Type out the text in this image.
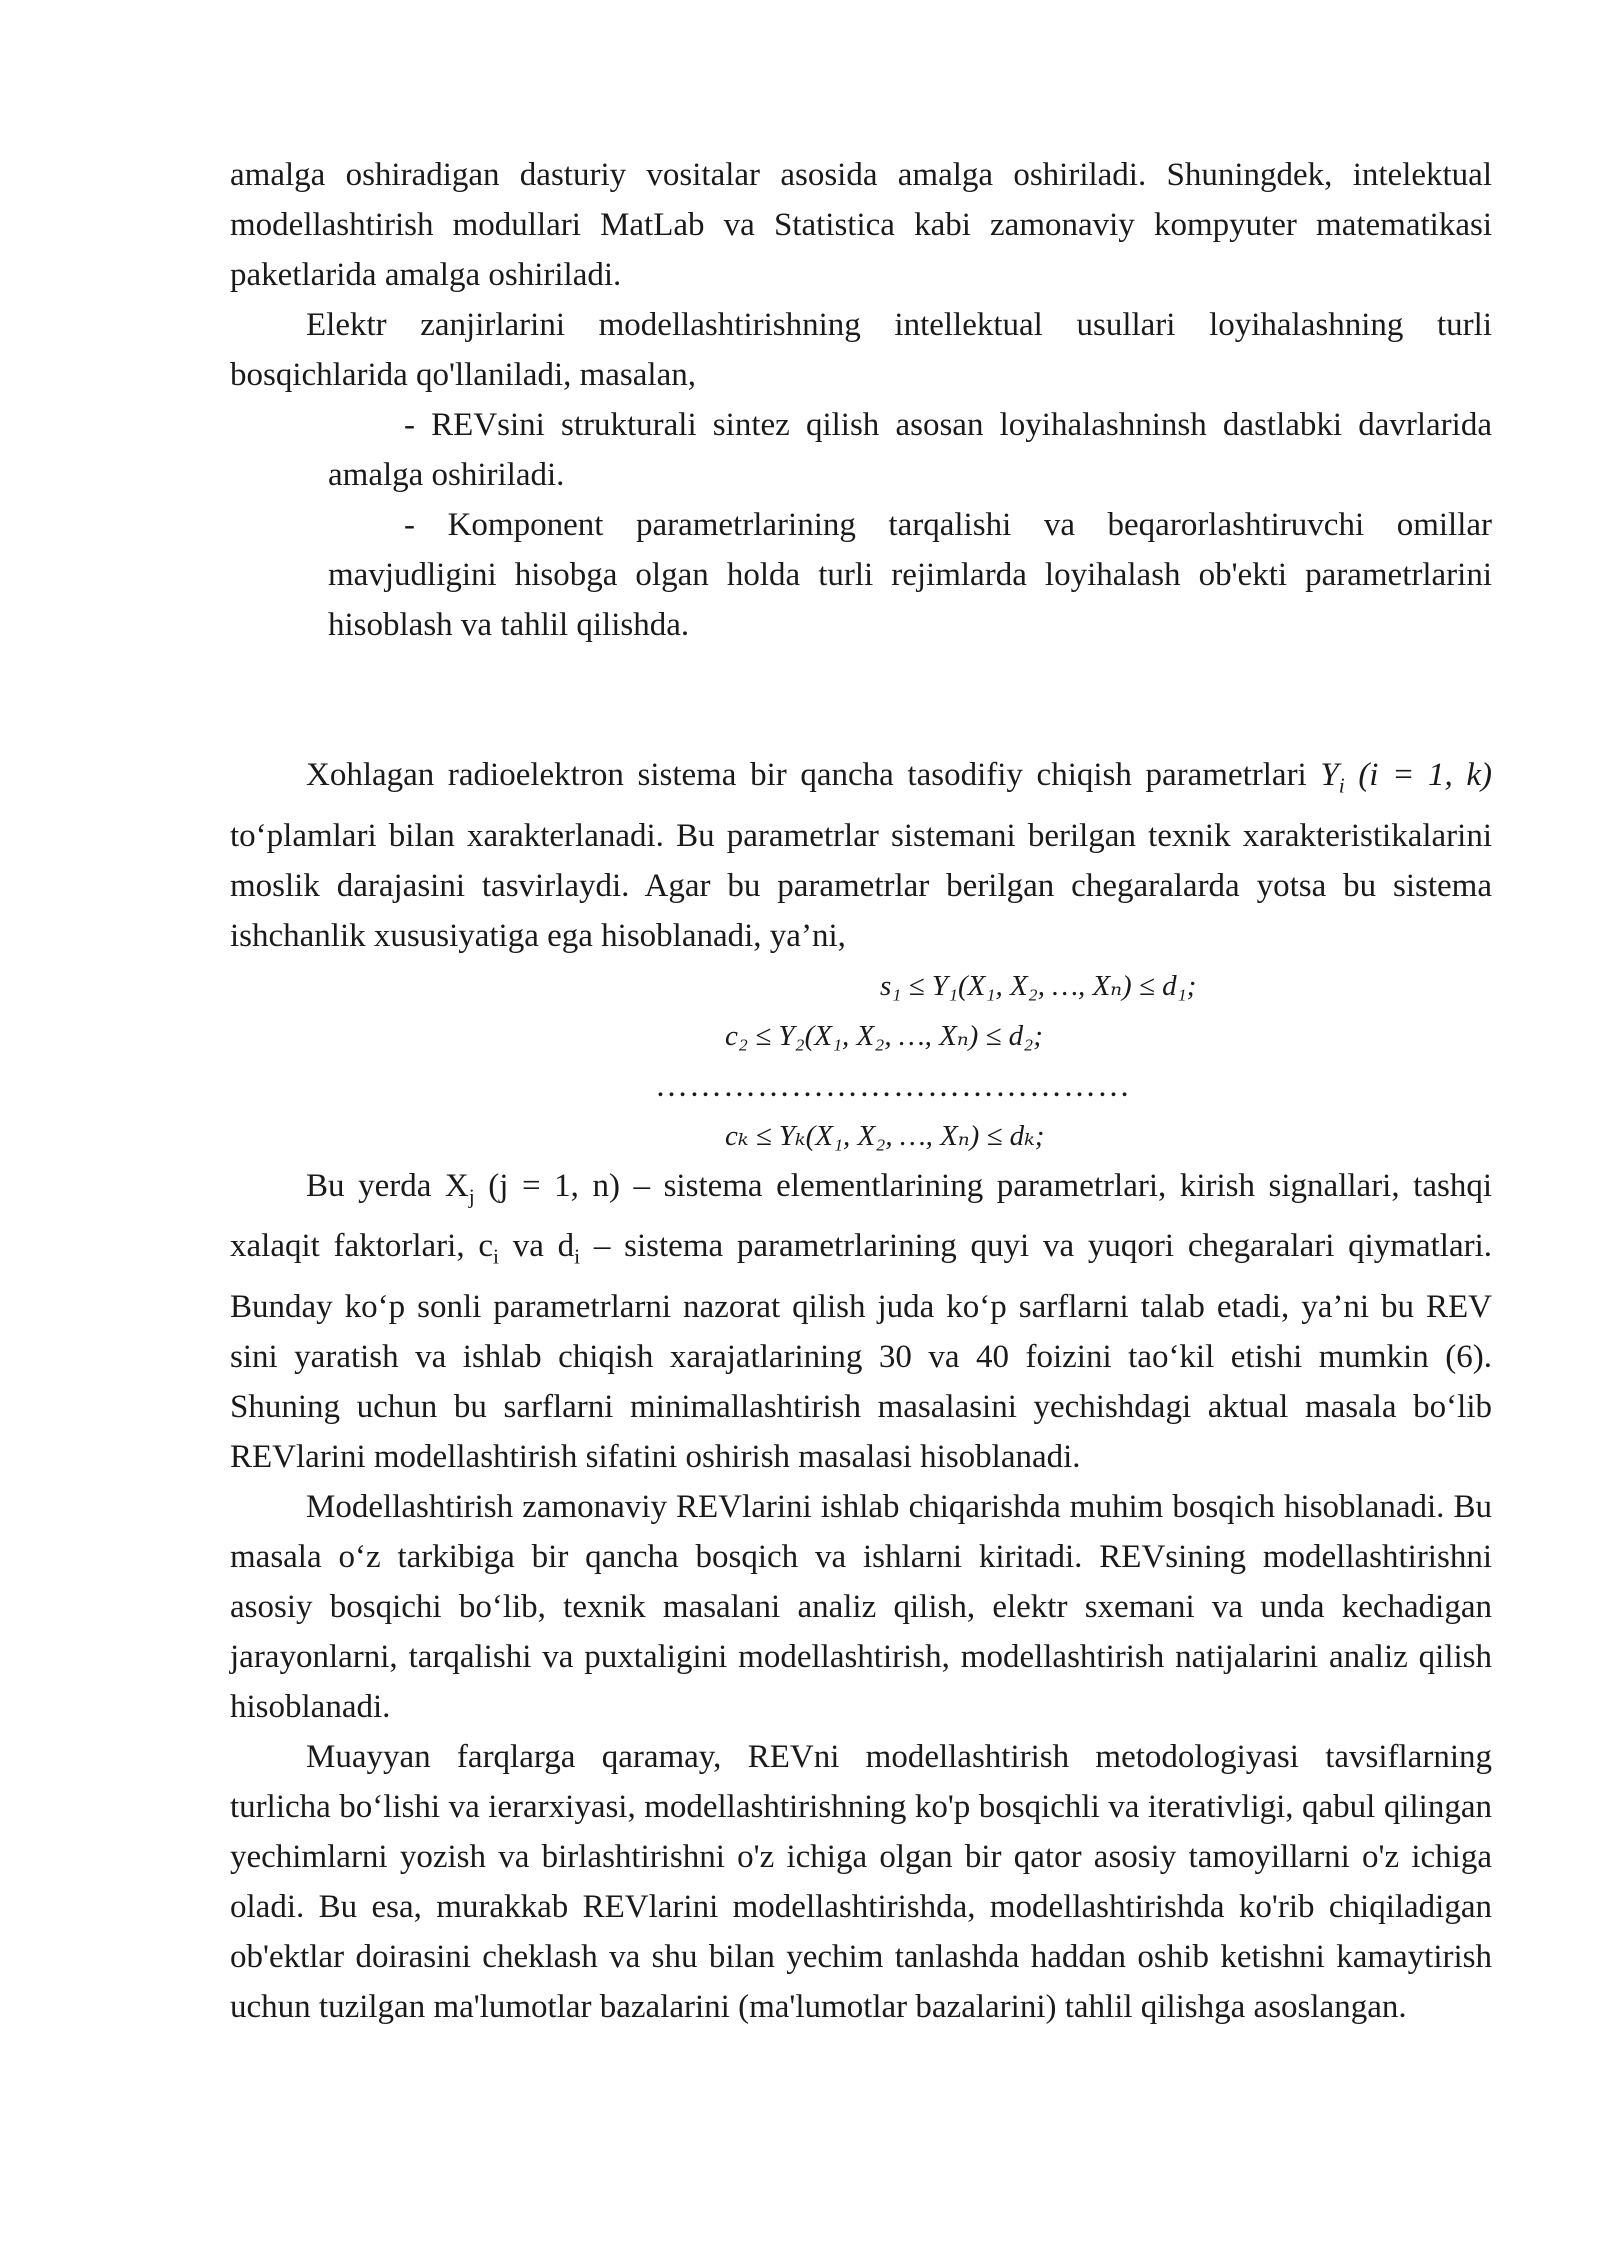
amalga oshiradigan dasturiy vositalar asosida amalga oshiriladi. Shuningdek, intelektual modellashtirish modullari MatLab va Statistica kabi zamonaviy kompyuter matematikasi paketlarida amalga oshiriladi.

Elektr zanjirlarini modellashtirishning intellektual usullari loyihalashning turli bosqichlarida qo'llaniladi, masalan,

- REVsini strukturali sintez qilish asosan loyihalashninsh dastlabki davrlarida amalga oshiriladi.

- Komponent parametrlarining tarqalishi va beqarorlashtiruvchi omillar mavjudligini hisobga olgan holda turli rejimlarda loyihalash ob'ekti parametrlarini hisoblash va tahlil qilishda.

Xohlagan radioelektron sistema bir qancha tasodifiy chiqish parametrlari $Y_i$ (i = 1, k) to‘plamlari bilan xarakterlanadi. Bu parametrlar sistemani berilgan texnik xarakteristikalarini moslik darajasini tasvirlaydi. Agar bu parametrlar berilgan chegaralarda yotsa bu sistema ishchanlik xususiyatiga ega hisoblanadi, ya’ni,

s₁ ≤ Y₁(X₁, X₂, …, Xₙ) ≤ d₁;
c₂ ≤ Y₂(X₁, X₂, …, Xₙ) ≤ d₂;
……………………………………
cₖ ≤ Yₖ(X₁, X₂, …, Xₙ) ≤ dₖ;

Bu yerda $X_j$ (j = 1, n) – sistema elementlarining parametrlari, kirish signallari, tashqi xalaqit faktorlari, $c_i$ va $d_i$ – sistema parametrlarining quyi va yuqori chegaralari qiymatlari. Bunday ko‘p sonli parametrlarni nazorat qilish juda ko‘p sarflarni talab etadi, ya’ni bu REV sini yaratish va ishlab chiqish xarajatlarining 30 va 40 foizini tao‘kil etishi mumkin (6). Shuning uchun bu sarflarni minimallashtirish masalasini yechishdagi aktual masala bo‘lib REVlarini modellashtirish sifatini oshirish masalasi hisoblanadi.

Modellashtirish zamonaviy REVlarini ishlab chiqarishda muhim bosqich hisoblanadi. Bu masala o‘z tarkibiga bir qancha bosqich va ishlarni kiritadi. REVsining modellashtirishni asosiy bosqichi bo‘lib, texnik masalani analiz qilish, elektr sxemani va unda kechadigan jarayonlarni, tarqalishi va puxtaligini modellashtirish, modellashtirish natijalarini analiz qilish hisoblanadi.

Muayyan farqlarga qaramay, REVni modellashtirish metodologiyasi tavsiflarning turlicha bo‘lishi va ierarxiyasi, modellashtirishning ko'p bosqichli va iterativligi, qabul qilingan yechimlarni yozish va birlashtirishni o'z ichiga olgan bir qator asosiy tamoyillarni o'z ichiga oladi. Bu esa, murakkab REVlarini modellashtirishda, modellashtirishda ko'rib chiqiladigan ob'ektlar doirasini cheklash va shu bilan yechim tanlashda haddan oshib ketishni kamaytirish uchun tuzilgan ma'lumotlar bazalarini (ma'lumotlar bazalarini) tahlil qilishga asoslangan.
